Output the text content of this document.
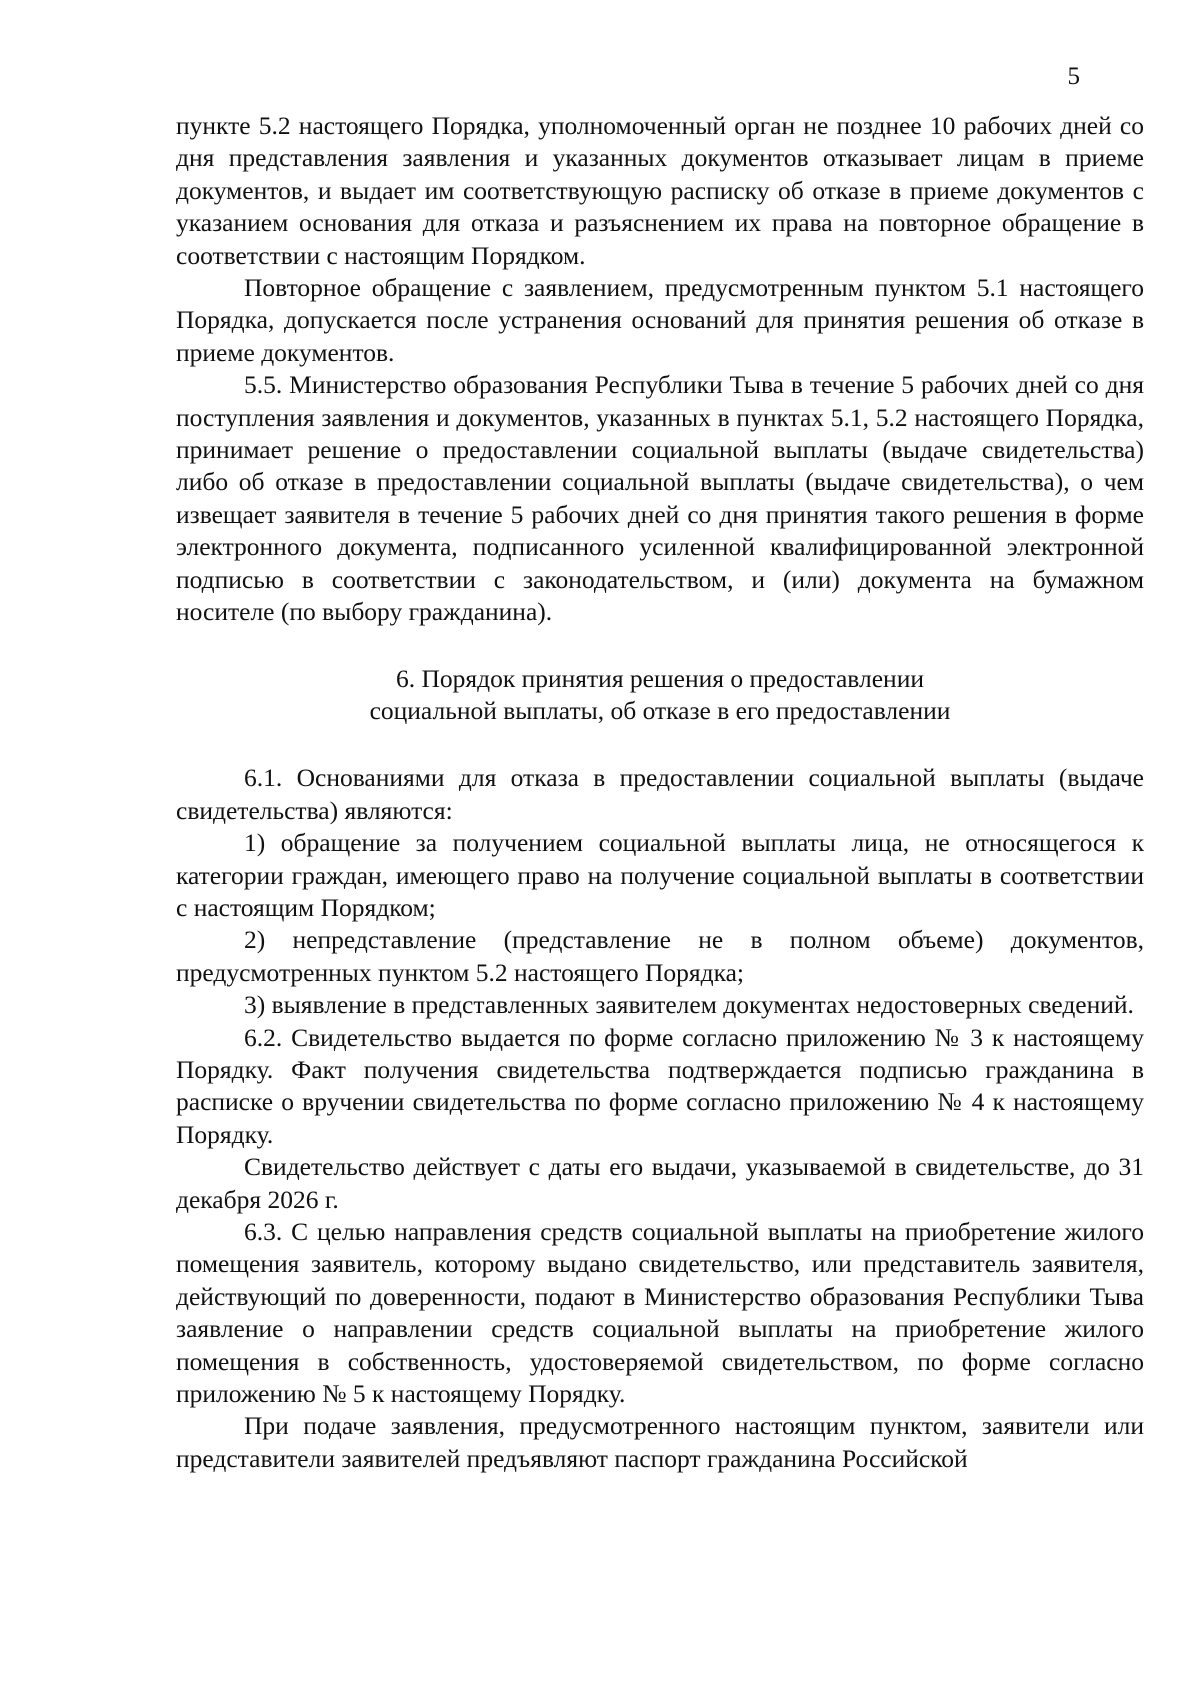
5

пункте 5.2 настоящего Порядка, уполномоченный орган не позднее 10 рабочих дней со дня представления заявления и указанных документов отказывает лицам в приеме документов, и выдает им соответствующую расписку об отказе в приеме документов с указанием основания для отказа и разъяснением их права на повторное обращение в соответствии с настоящим Порядком.

Повторное обращение с заявлением, предусмотренным пунктом 5.1 настоящего Порядка, допускается после устранения оснований для принятия решения об отказе в приеме документов.

5.5. Министерство образования Республики Тыва в течение 5 рабочих дней со дня поступления заявления и документов, указанных в пунктах 5.1, 5.2 настоящего Порядка, принимает решение о предоставлении социальной выплаты (выдаче свидетельства) либо об отказе в предоставлении социальной выплаты (выдаче свидетельства), о чем извещает заявителя в течение 5 рабочих дней со дня принятия такого решения в форме электронного документа, подписанного усиленной квалифицированной электронной подписью в соответствии с законодательством, и (или) документа на бумажном носителе (по выбору гражданина).

6. Порядок принятия решения о предоставлении
социальной выплаты, об отказе в его предоставлении

6.1. Основаниями для отказа в предоставлении социальной выплаты (выдаче свидетельства) являются:

1) обращение за получением социальной выплаты лица, не относящегося к категории граждан, имеющего право на получение социальной выплаты в соответствии с настоящим Порядком;

2) непредставление (представление не в полном объеме) документов, предусмотренных пунктом 5.2 настоящего Порядка;

3) выявление в представленных заявителем документах недостоверных сведений.

6.2. Свидетельство выдается по форме согласно приложению № 3 к настоящему Порядку. Факт получения свидетельства подтверждается подписью гражданина в расписке о вручении свидетельства по форме согласно приложению № 4 к настоящему Порядку.

Свидетельство действует с даты его выдачи, указываемой в свидетельстве, до 31 декабря 2026 г.

6.3. С целью направления средств социальной выплаты на приобретение жилого помещения заявитель, которому выдано свидетельство, или представитель заявителя, действующий по доверенности, подают в Министерство образования Республики Тыва заявление о направлении средств социальной выплаты на приобретение жилого помещения в собственность, удостоверяемой свидетельством, по форме согласно приложению № 5 к настоящему Порядку.

При подаче заявления, предусмотренного настоящим пунктом, заявители или представители заявителей предъявляют паспорт гражданина Российской
